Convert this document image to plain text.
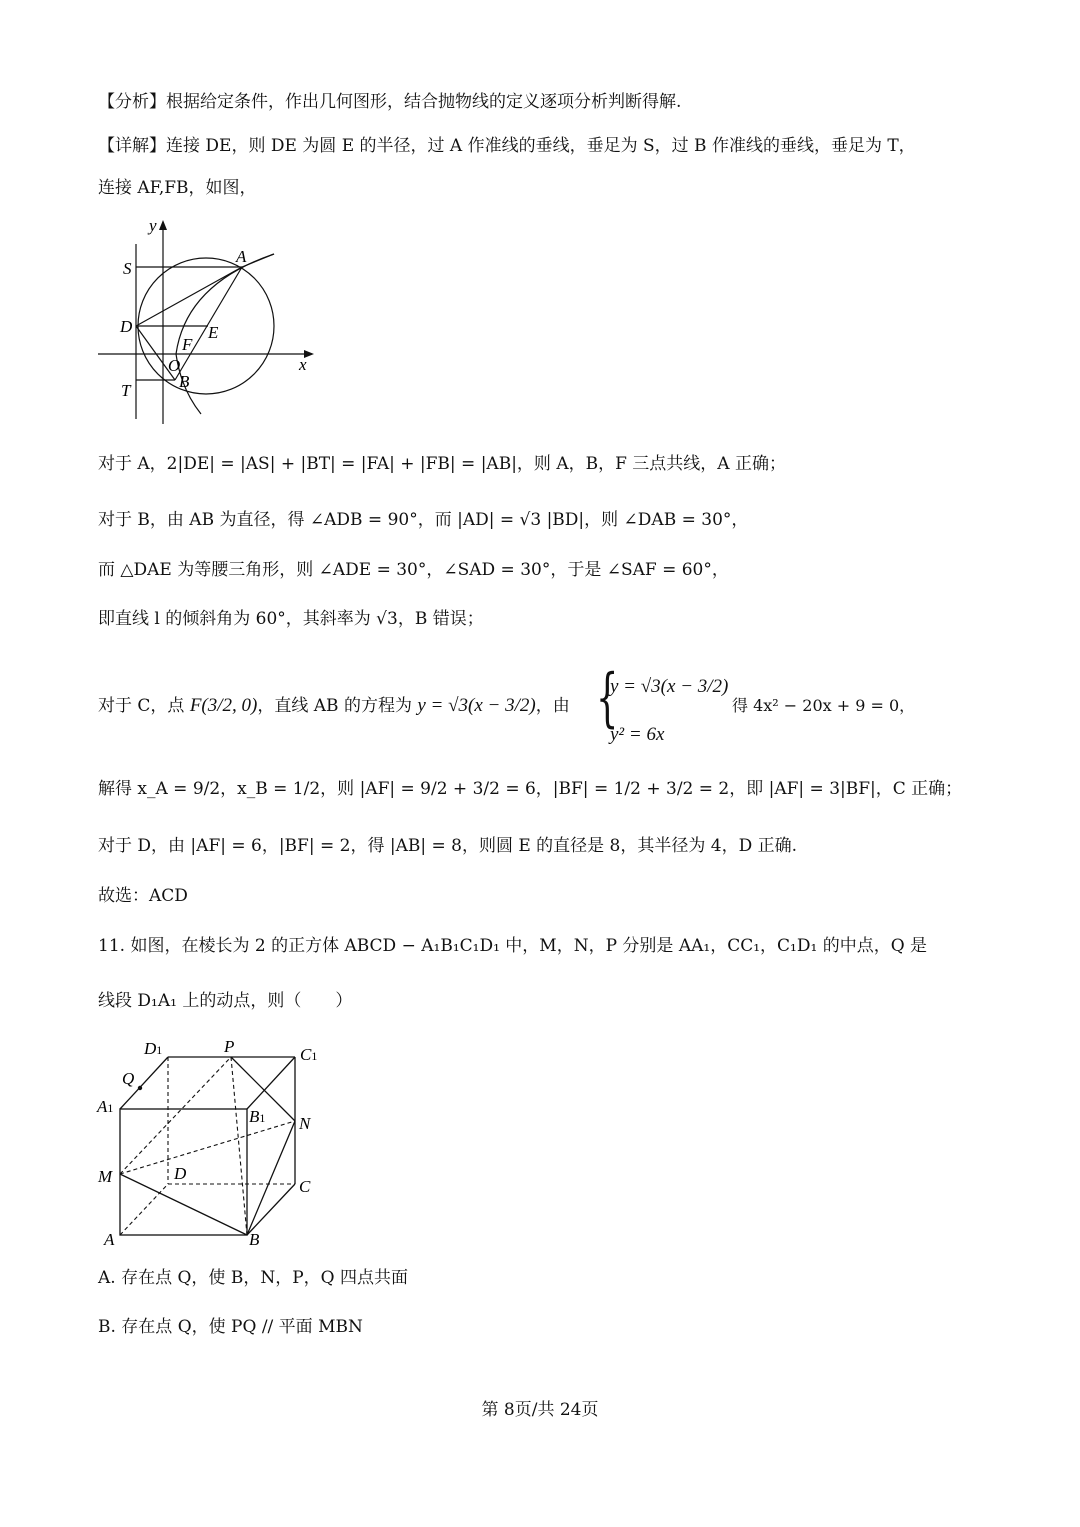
【分析】根据给定条件，作出几何图形，结合抛物线的定义逐项分析判断得解.
【详解】连接 DE，则 DE 为圆 E 的半径，过 A 作准线的垂线，垂足为 S，过 B 作准线的垂线，垂足为 T，
连接 AF,FB，如图，
y
x
S
A
D	E
F
O
B
T
对于 A，2|DE| = |AS| + |BT| = |FA| + |FB| = |AB|，则 A，B，F 三点共线，A 正确；
对于 B，由 AB 为直径，得 ∠ADB = 90°，而 |AD| = √3 |BD|，则 ∠DAB = 30°，
而 △DAE 为等腰三角形，则 ∠ADE = 30°，∠SAD = 30°，于是 ∠SAF = 60°，
即直线 l 的倾斜角为 60°，其斜率为 √3，B 错误；
对于 C，点 F(3/2, 0)，直线 AB 的方程为 y = √3(x − 3/2)，由 {
y = √3(x − 3/2)
y² = 6x
得 4x² − 20x + 9 = 0，
解得 x_A = 9/2，x_B = 1/2，则 |AF| = 9/2 + 3/2 = 6，|BF| = 1/2 + 3/2 = 2，即 |AF| = 3|BF|，C 正确；
对于 D，由 |AF| = 6，|BF| = 2，得 |AB| = 8，则圆 E 的直径是 8，其半径为 4，D 正确.
故选：ACD
11. 如图，在棱长为 2 的正方体 ABCD − A₁B₁C₁D₁ 中，M，N，P 分别是 AA₁，CC₁，C₁D₁ 的中点，Q 是
线段 D₁A₁ 上的动点，则（　　）
D1	P	C1
Q
A1	B1 N
M	D
C
A	B
A. 存在点 Q，使 B，N，P，Q 四点共面
B. 存在点 Q，使 PQ // 平面 MBN
第 8页/共 24页
